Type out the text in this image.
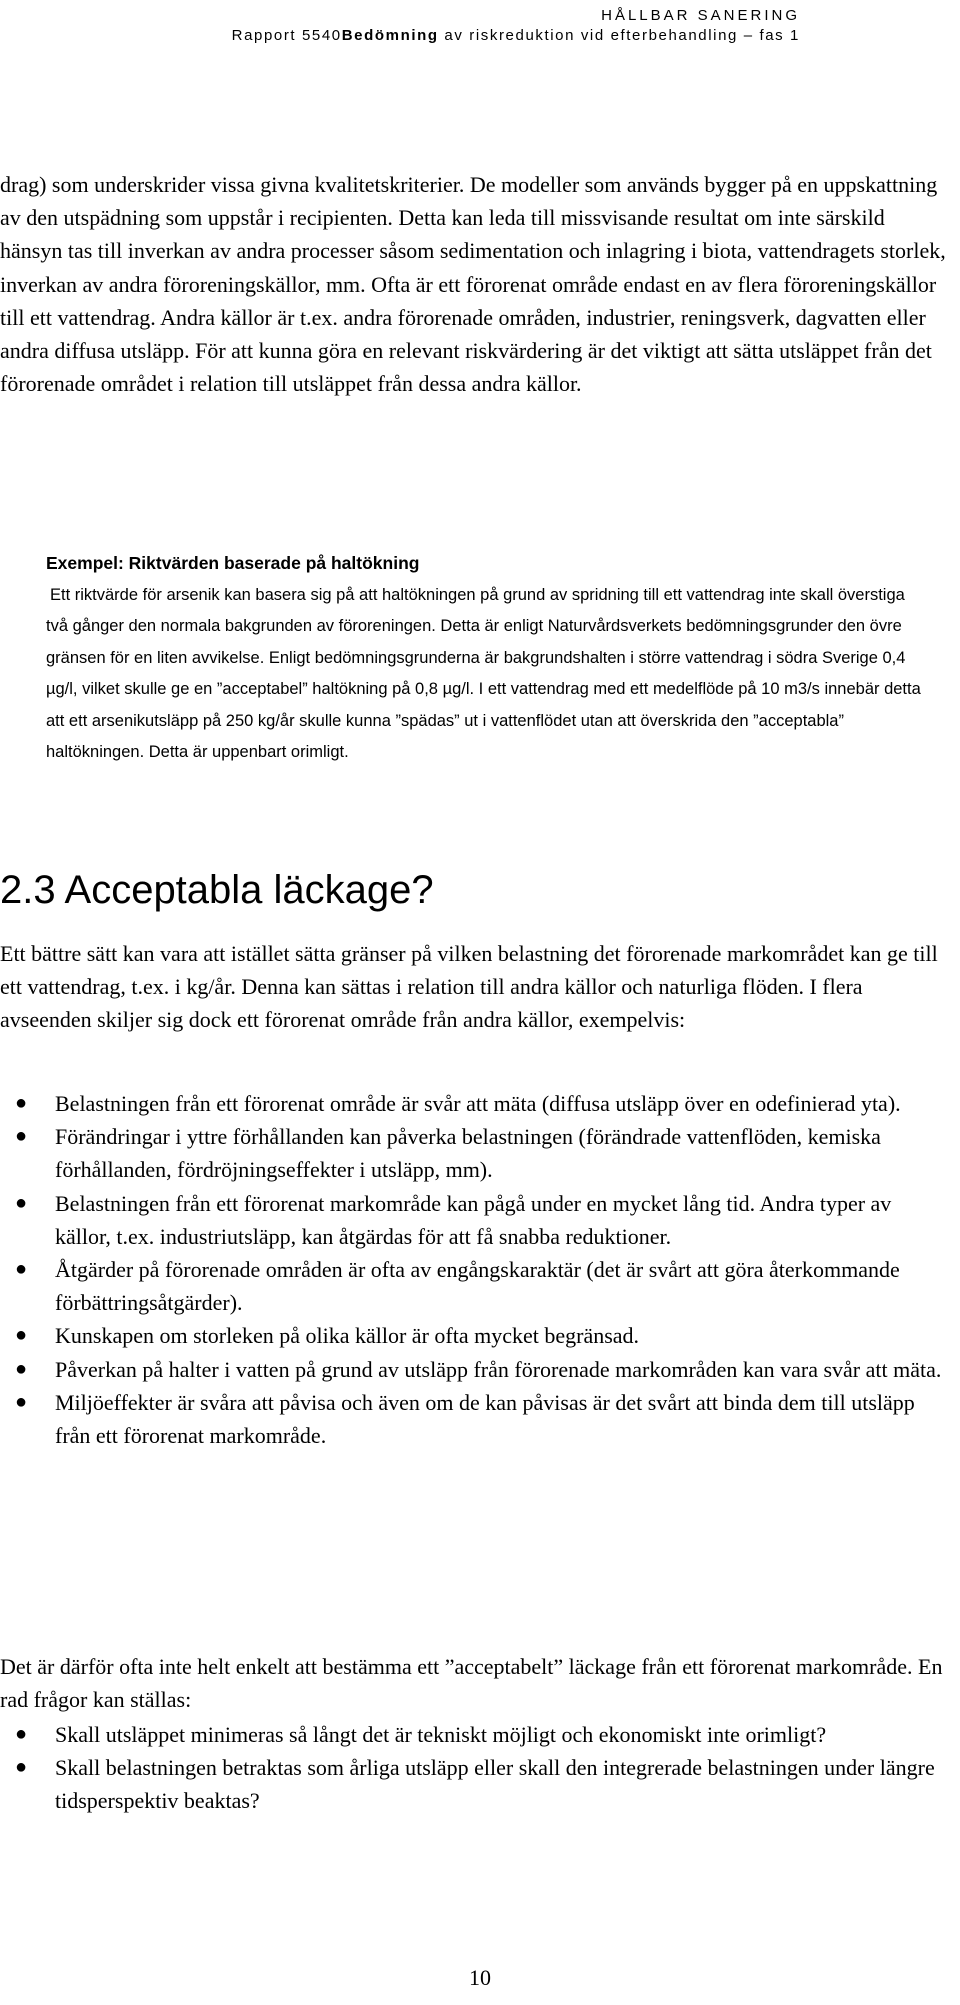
HÅLLBAR SANERING
Rapport 5540Bedömning av riskreduktion vid efterbehandling – fas 1
drag) som underskrider vissa givna kvalitetskriterier. De modeller som används bygger på en uppskattning av den utspädning som uppstår i recipienten. Detta kan leda till missvisande resultat om inte särskild hänsyn tas till inverkan av andra processer såsom sedimentation och inlagring i biota, vattendragets storlek, inverkan av andra föroreningskällor, mm. Ofta är ett förorenat område endast en av flera föroreningskällor till ett vattendrag. Andra källor är t.ex. andra förorenade områden, industrier, reningsverk, dagvatten eller andra diffusa utsläpp. För att kunna göra en relevant riskvärdering är det viktigt att sätta utsläppet från det förorenade området i relation till utsläppet från dessa andra källor.
Exempel: Riktvärden baserade på haltökning
Ett riktvärde för arsenik kan basera sig på att haltökningen på grund av spridning till ett vattendrag inte skall överstiga två gånger den normala bakgrunden av föroreningen. Detta är enligt Naturvårdsverkets bedömningsgrunder den övre gränsen för en liten avvikelse. Enligt bedömningsgrunderna är bakgrundshalten i större vattendrag i södra Sverige 0,4 µg/l, vilket skulle ge en ”acceptabel” haltökning på 0,8 µg/l. I ett vattendrag med ett medelflöde på 10 m3/s innebär detta att ett arsenikutsläpp på 250 kg/år skulle kunna ”spädas” ut i vattenflödet utan att överskrida den ”acceptabla” haltökningen. Detta är uppenbart orimligt.
2.3 Acceptabla läckage?
Ett bättre sätt kan vara att istället sätta gränser på vilken belastning det förorenade markområdet kan ge till ett vattendrag, t.ex. i kg/år. Denna kan sättas i relation till andra källor och naturliga flöden. I flera avseenden skiljer sig dock ett förorenat område från andra källor, exempelvis:
● Belastningen från ett förorenat område är svår att mäta (diffusa utsläpp över en odefinierad yta).
● Förändringar i yttre förhållanden kan påverka belastningen (förändrade vattenflöden, kemiska förhållanden, fördröjningseffekter i utsläpp, mm).
● Belastningen från ett förorenat markområde kan pågå under en mycket lång tid. Andra typer av källor, t.ex. industriutsläpp, kan åtgärdas för att få snabba reduktioner.
● Åtgärder på förorenade områden är ofta av engångskaraktär (det är svårt att göra återkommande förbättringsåtgärder).
● Kunskapen om storleken på olika källor är ofta mycket begränsad.
● Påverkan på halter i vatten på grund av utsläpp från förorenade markområden kan vara svår att mäta.
● Miljöeffekter är svåra att påvisa och även om de kan påvisas är det svårt att binda dem till utsläpp från ett förorenat markområde.
Det är därför ofta inte helt enkelt att bestämma ett ”acceptabelt” läckage från ett förorenat markområde. En rad frågor kan ställas:
● Skall utsläppet minimeras så långt det är tekniskt möjligt och ekonomiskt inte orimligt?
● Skall belastningen betraktas som årliga utsläpp eller skall den integrerade belastningen under längre tidsperspektiv beaktas?
10
